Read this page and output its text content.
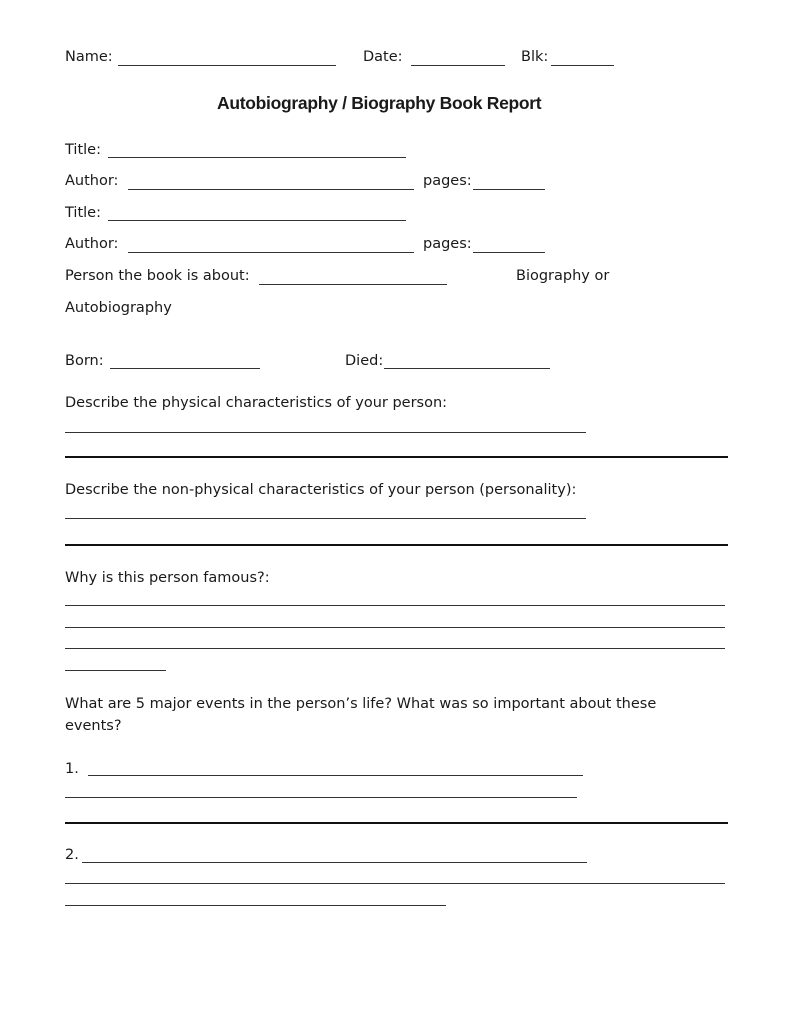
Name:	Date:	Blk:
Autobiography / Biography Book Report
Title:
Author:	pages:
Title:
Author:	pages:
Person the book is about:	Biography or
Autobiography
Born:	Died:
Describe the physical characteristics of your person:
Describe the non-physical characteristics of your person (personality):
Why is this person famous?:
What are 5 major events in the person’s life? What was so important about these
events?
1.
2.
